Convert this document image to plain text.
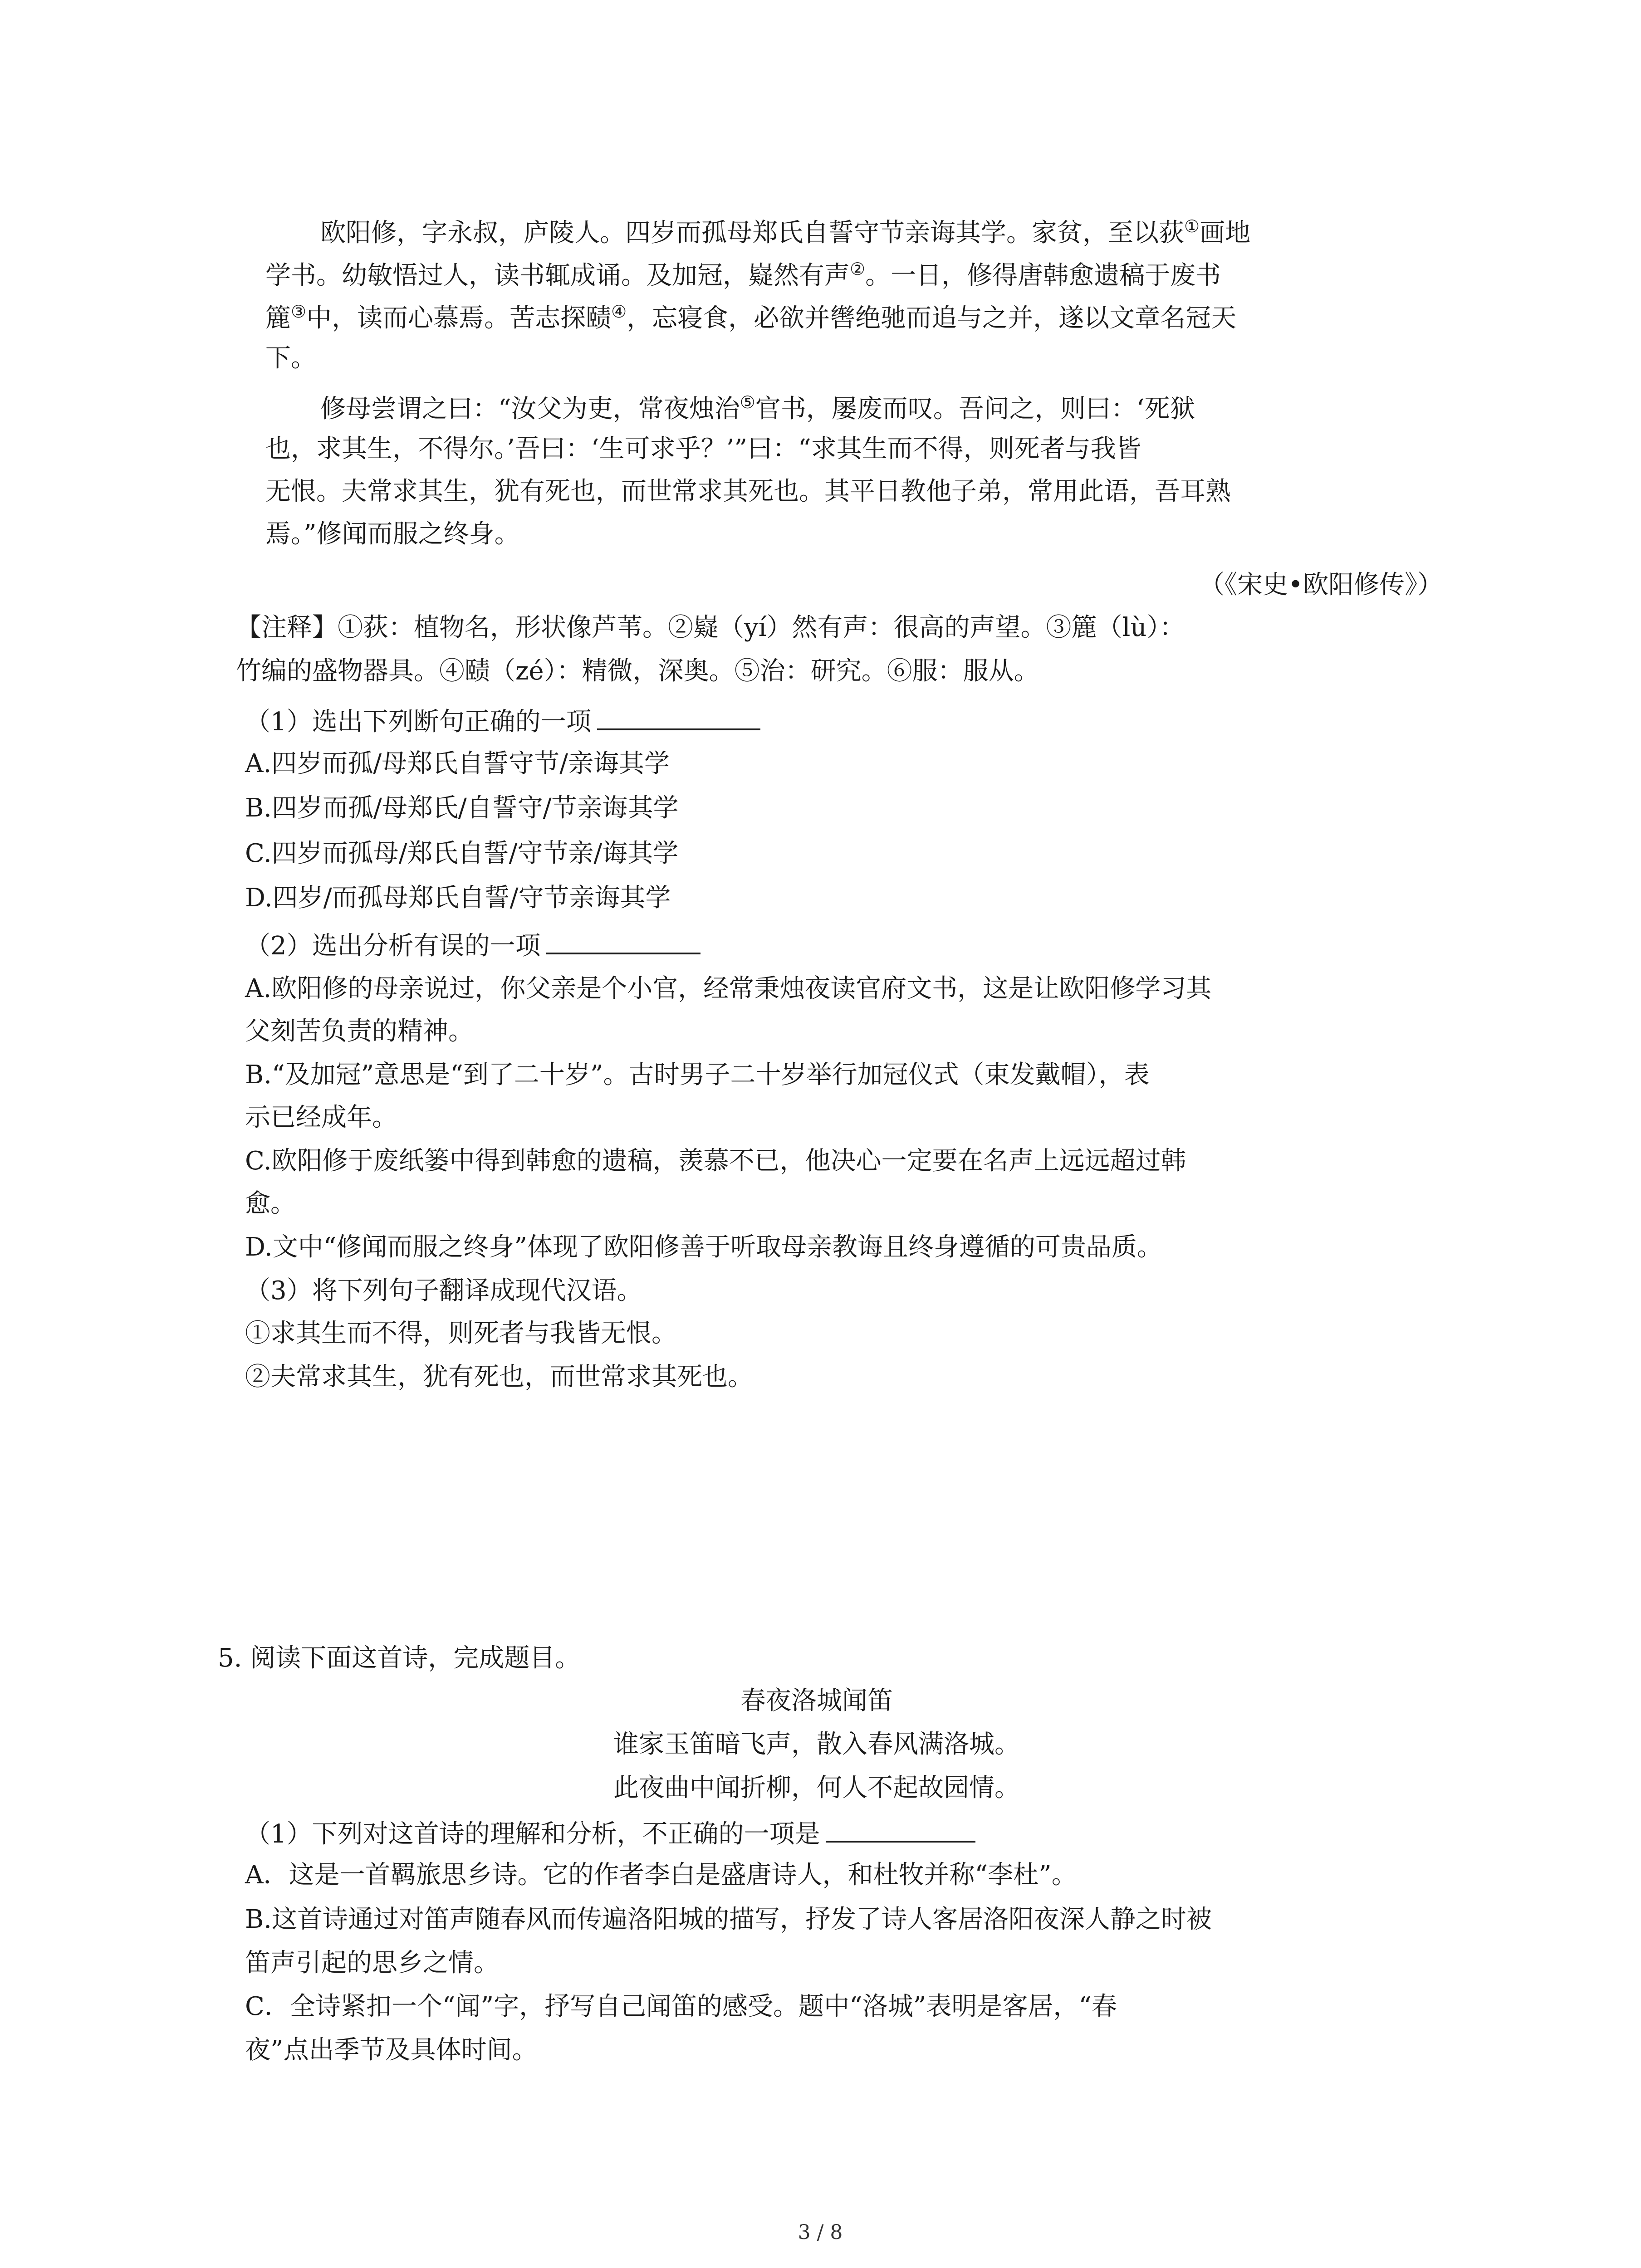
欧阳修，字永叔，庐陵人。四岁而孤母郑氏自誓守节亲诲其学。家贫，至以荻①画地
学书。幼敏悟过人，读书辄成诵。及加冠，嶷然有声②。一日，修得唐韩愈遗稿于废书
簏③中，读而心慕焉。苦志探赜④，忘寝食，必欲并辔绝驰而追与之并，遂以文章名冠天
下。
修母尝谓之曰：“汝父为吏，常夜烛治⑤官书，屡废而叹。吾问之，则曰：‘死狱
也，求其生，不得尔。’吾曰：‘生可求乎？’”曰：“求其生而不得，则死者与我皆
无恨。夫常求其生，犹有死也，而世常求其死也。其平日教他子弟，常用此语，吾耳熟
焉。”修闻而服之终身。
（《宋史•欧阳修传》）
【注释】①荻：植物名，形状像芦苇。②嶷（yí）然有声：很高的声望。③簏（lù）：
竹编的盛物器具。④赜（zé）：精微，深奥。⑤治：研究。⑥服：服从。
（1）选出下列断句正确的一项
A.四岁而孤/母郑氏自誓守节/亲诲其学
B.四岁而孤/母郑氏/自誓守/节亲诲其学
C.四岁而孤母/郑氏自誓/守节亲/诲其学
D.四岁/而孤母郑氏自誓/守节亲诲其学
（2）选出分析有误的一项
A.欧阳修的母亲说过，你父亲是个小官，经常秉烛夜读官府文书，这是让欧阳修学习其
父刻苦负责的精神。
B.“及加冠”意思是“到了二十岁”。古时男子二十岁举行加冠仪式（束发戴帽），表
示已经成年。
C.欧阳修于废纸篓中得到韩愈的遗稿，羡慕不已，他决心一定要在名声上远远超过韩
愈。
D.文中“修闻而服之终身”体现了欧阳修善于听取母亲教诲且终身遵循的可贵品质。
（3）将下列句子翻译成现代汉语。
①求其生而不得，则死者与我皆无恨。
②夫常求其生，犹有死也，而世常求其死也。
5. 阅读下面这首诗，完成题目。
春夜洛城闻笛
谁家玉笛暗飞声，散入春风满洛城。
此夜曲中闻折柳，何人不起故园情。
（1）下列对这首诗的理解和分析，不正确的一项是
A．这是一首羁旅思乡诗。它的作者李白是盛唐诗人，和杜牧并称“李杜”。
B.这首诗通过对笛声随春风而传遍洛阳城的描写，抒发了诗人客居洛阳夜深人静之时被
笛声引起的思乡之情。
C．全诗紧扣一个“闻”字，抒写自己闻笛的感受。题中“洛城”表明是客居，“春
夜”点出季节及具体时间。
3 / 8
